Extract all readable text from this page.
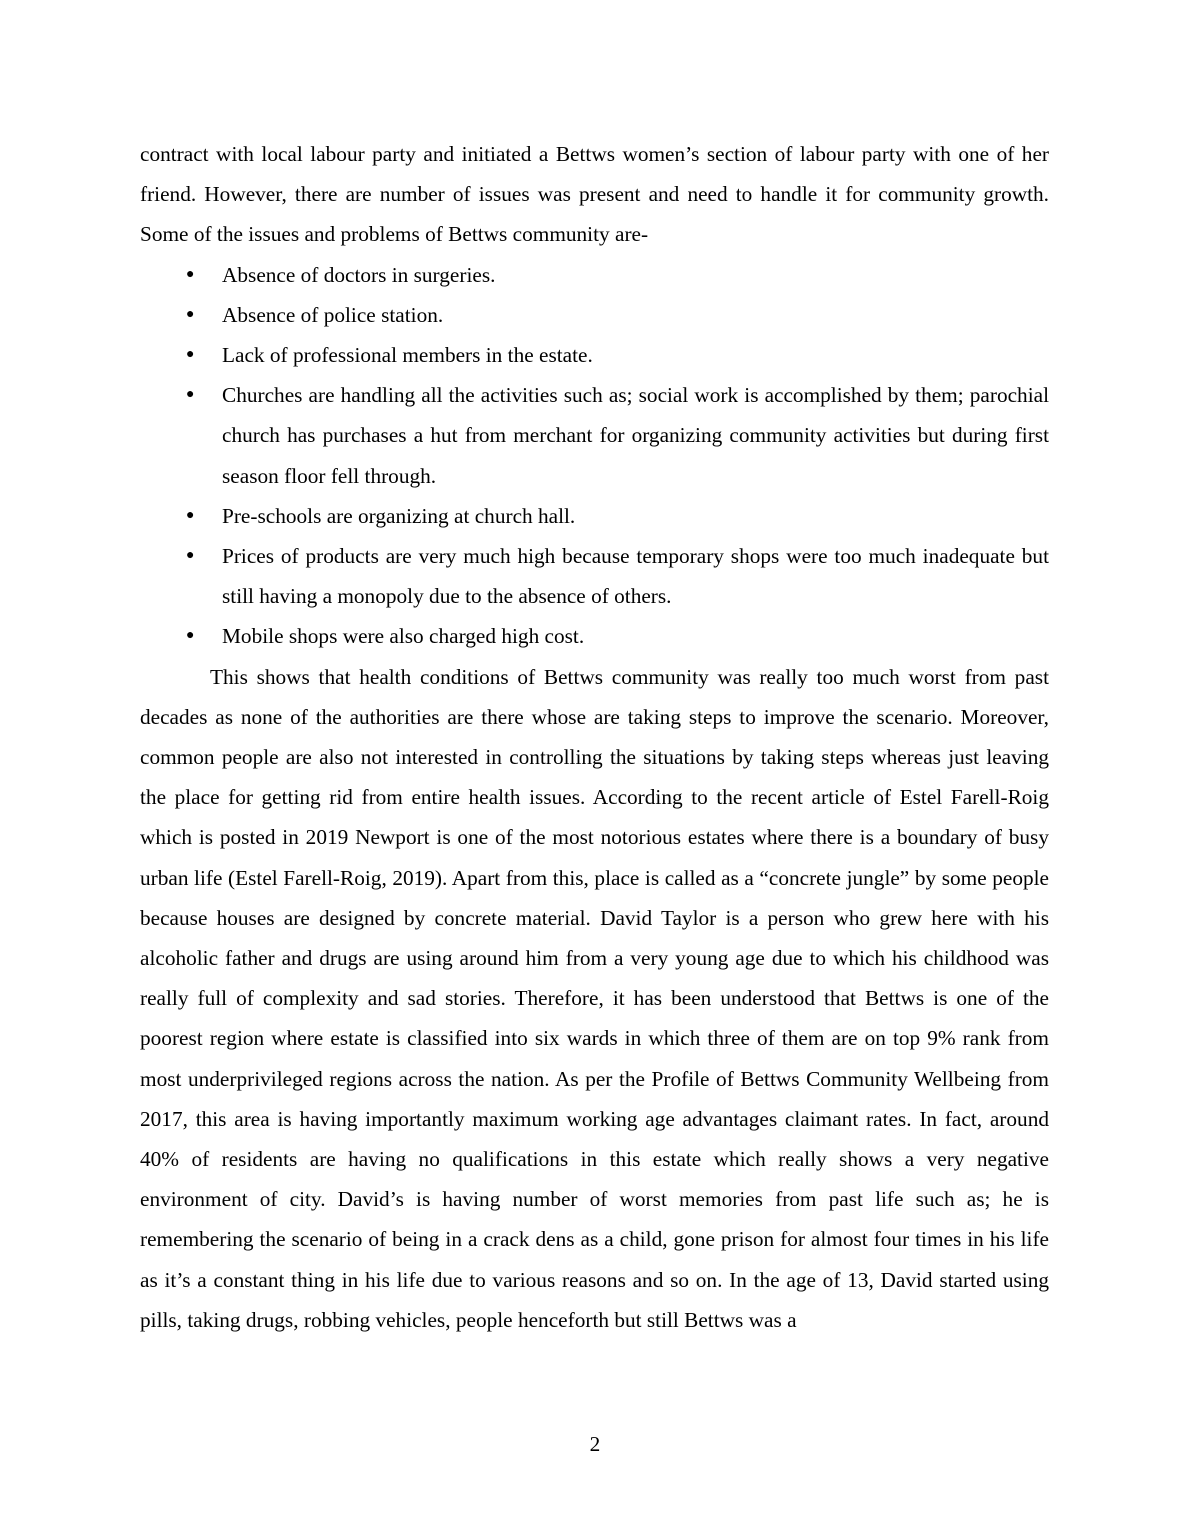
contract with local labour party and initiated a Bettws women’s section of labour party with one of her friend. However, there are number of issues was present and need to handle it for community growth. Some of the issues and problems of Bettws community are-

● Absence of doctors in surgeries.
● Absence of police station.
● Lack of professional members in the estate.
● Churches are handling all the activities such as; social work is accomplished by them; parochial church has purchases a hut from merchant for organizing community activities but during first season floor fell through.
● Pre-schools are organizing at church hall.
● Prices of products are very much high because temporary shops were too much inadequate but still having a monopoly due to the absence of others.
● Mobile shops were also charged high cost.

This shows that health conditions of Bettws community was really too much worst from past decades as none of the authorities are there whose are taking steps to improve the scenario. Moreover, common people are also not interested in controlling the situations by taking steps whereas just leaving the place for getting rid from entire health issues. According to the recent article of Estel Farell-Roig which is posted in 2019 Newport is one of the most notorious estates where there is a boundary of busy urban life (Estel Farell-Roig, 2019). Apart from this, place is called as a “concrete jungle” by some people because houses are designed by concrete material. David Taylor is a person who grew here with his alcoholic father and drugs are using around him from a very young age due to which his childhood was really full of complexity and sad stories. Therefore, it has been understood that Bettws is one of the poorest region where estate is classified into six wards in which three of them are on top 9% rank from most underprivileged regions across the nation. As per the Profile of Bettws Community Wellbeing from 2017, this area is having importantly maximum working age advantages claimant rates. In fact, around 40% of residents are having no qualifications in this estate which really shows a very negative environment of city. David’s is having number of worst memories from past life such as; he is remembering the scenario of being in a crack dens as a child, gone prison for almost four times in his life as it’s a constant thing in his life due to various reasons and so on. In the age of 13, David started using pills, taking drugs, robbing vehicles, people henceforth but still Bettws was a

2
